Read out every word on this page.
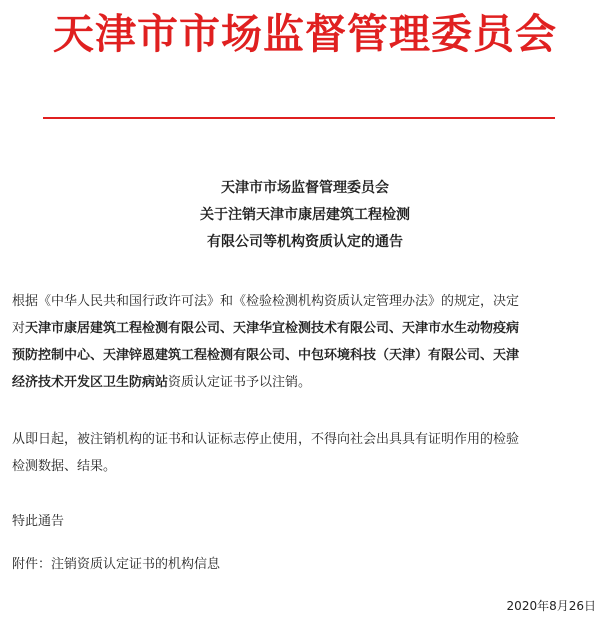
天津市市场监督管理委员会
天津市市场监督管理委员会
关于注销天津市康居建筑工程检测
有限公司等机构资质认定的通告
根据《中华人民共和国行政许可法》和《检验检测机构资质认定管理办法》的规定，决定
对天津市康居建筑工程检测有限公司、天津华宜检测技术有限公司、天津市水生动物疫病
预防控制中心、天津锌恩建筑工程检测有限公司、中包环境科技（天津）有限公司、天津
经济技术开发区卫生防病站资质认定证书予以注销。
从即日起，被注销机构的证书和认证标志停止使用，不得向社会出具具有证明作用的检验
检测数据、结果。
特此通告
附件：注销资质认定证书的机构信息
2020年8月26日
